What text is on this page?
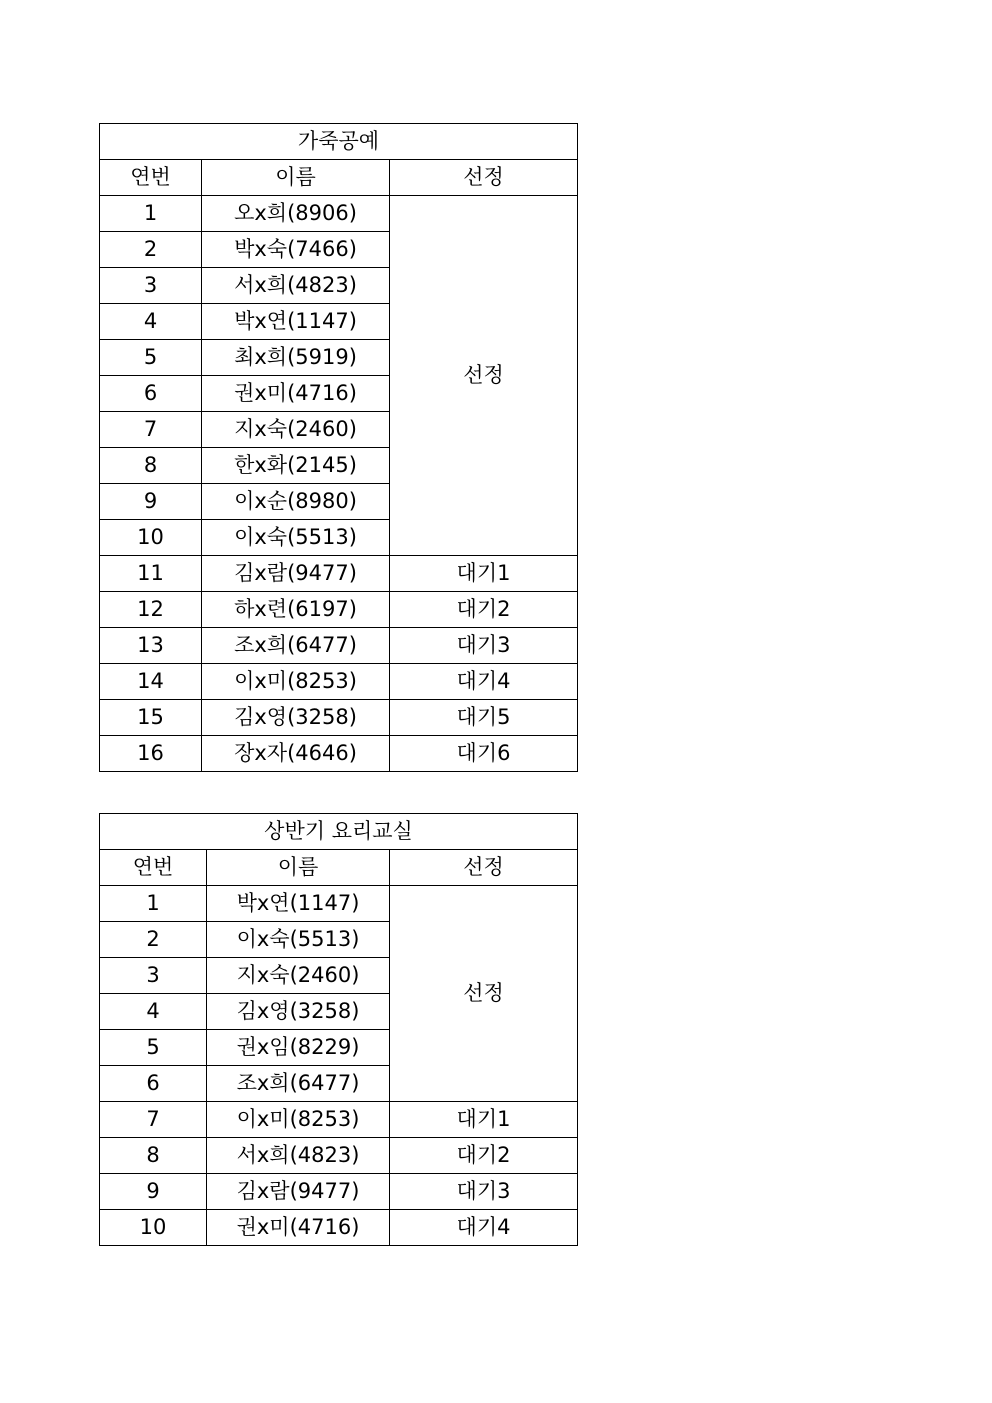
가죽공예		
연번	이름	선정
1	오x희(8906)	선정
2	박x숙(7466)	
3	서x희(4823)	
4	박x연(1147)	
5	최x희(5919)	
6	권x미(4716)	
7	지x숙(2460)	
8	한x화(2145)	
9	이x순(8980)	
10	이x숙(5513)	
11	김x람(9477)	대기1
12	하x련(6197)	대기2
13	조x희(6477)	대기3
14	이x미(8253)	대기4
15	김x영(3258)	대기5
16	장x자(4646)	대기6
상반기 요리교실		
연번	이름	선정
1	박x연(1147)	선정
2	이x숙(5513)	
3	지x숙(2460)	
4	김x영(3258)	
5	권x임(8229)	
6	조x희(6477)	
7	이x미(8253)	대기1
8	서x희(4823)	대기2
9	김x람(9477)	대기3
10	권x미(4716)	대기4
